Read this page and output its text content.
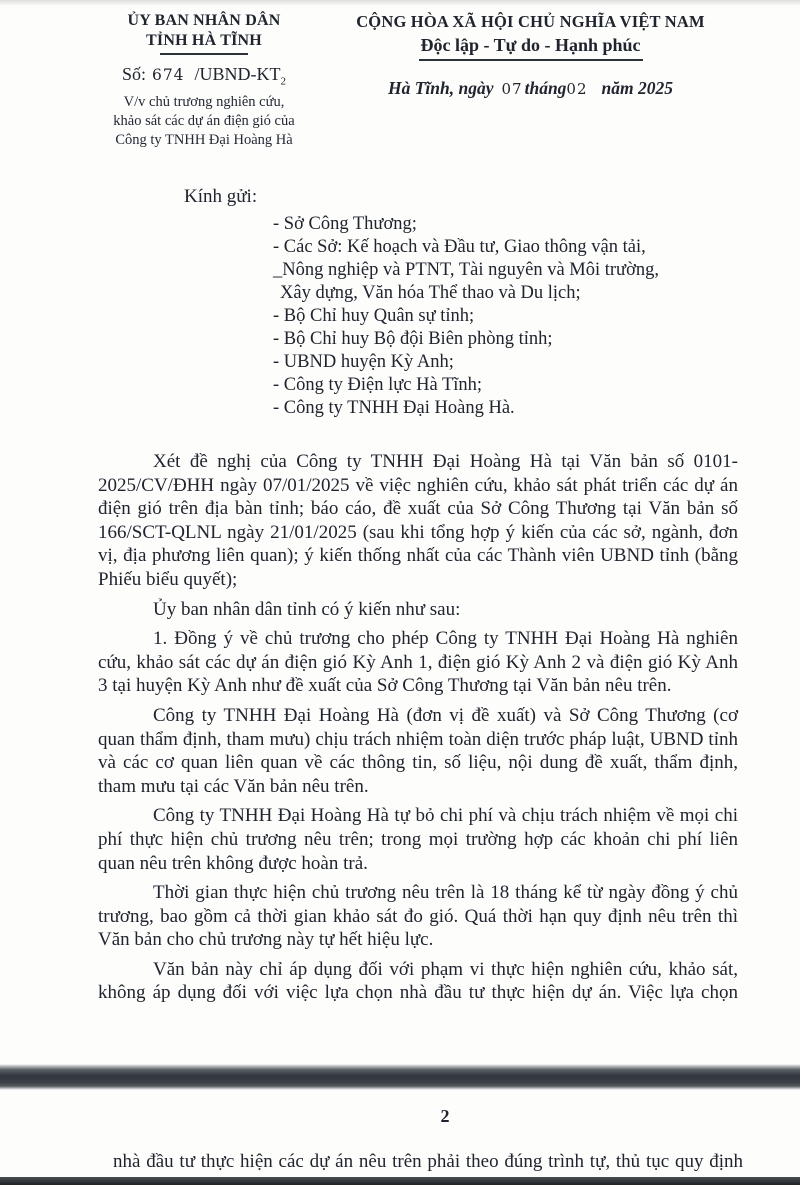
ỦY BAN NHÂN DÂN
TỈNH HÀ TĨNH
Số: 674 $/UBND-KT_2$
V/v chủ trương nghiên cứu,
khảo sát các dự án điện gió của
Công ty TNHH Đại Hoàng Hà
CỘNG HÒA XÃ HỘI CHỦ NGHĨA VIỆT NAM
Độc lập - Tự do - Hạnh phúc
Hà Tĩnh, ngày 07 tháng02 năm 2025
Kính gửi:
- Sở Công Thương;
- Các Sở: Kế hoạch và Đầu tư, Giao thông vận tải,
_Nông nghiệp và PTNT, Tài nguyên và Môi trường,
Xây dựng, Văn hóa Thể thao và Du lịch;
- Bộ Chỉ huy Quân sự tỉnh;
- Bộ Chỉ huy Bộ đội Biên phòng tỉnh;
- UBND huyện Kỳ Anh;
- Công ty Điện lực Hà Tĩnh;
- Công ty TNHH Đại Hoàng Hà.

Xét đề nghị của Công ty TNHH Đại Hoàng Hà tại Văn bản số 0101-2025/CV/ĐHH ngày 07/01/2025 về việc nghiên cứu, khảo sát phát triển các dự án điện gió trên địa bàn tỉnh; báo cáo, đề xuất của Sở Công Thương tại Văn bản số 166/SCT-QLNL ngày 21/01/2025 (sau khi tổng hợp ý kiến của các sở, ngành, đơn vị, địa phương liên quan); ý kiến thống nhất của các Thành viên UBND tỉnh (bằng Phiếu biểu quyết);

Ủy ban nhân dân tỉnh có ý kiến như sau:

1. Đồng ý về chủ trương cho phép Công ty TNHH Đại Hoàng Hà nghiên cứu, khảo sát các dự án điện gió Kỳ Anh 1, điện gió Kỳ Anh 2 và điện gió Kỳ Anh 3 tại huyện Kỳ Anh như đề xuất của Sở Công Thương tại Văn bản nêu trên.

Công ty TNHH Đại Hoàng Hà (đơn vị đề xuất) và Sở Công Thương (cơ quan thẩm định, tham mưu) chịu trách nhiệm toàn diện trước pháp luật, UBND tỉnh và các cơ quan liên quan về các thông tin, số liệu, nội dung đề xuất, thẩm định, tham mưu tại các Văn bản nêu trên.

Công ty TNHH Đại Hoàng Hà tự bỏ chi phí và chịu trách nhiệm về mọi chi phí thực hiện chủ trương nêu trên; trong mọi trường hợp các khoản chi phí liên quan nêu trên không được hoàn trả.

Thời gian thực hiện chủ trương nêu trên là 18 tháng kể từ ngày đồng ý chủ trương, bao gồm cả thời gian khảo sát đo gió. Quá thời hạn quy định nêu trên thì Văn bản cho chủ trương này tự hết hiệu lực.

Văn bản này chỉ áp dụng đối với phạm vi thực hiện nghiên cứu, khảo sát, không áp dụng đối với việc lựa chọn nhà đầu tư thực hiện dự án. Việc lựa chọn

2
nhà đầu tư thực hiện các dự án nêu trên phải theo đúng trình tự, thủ tục quy định
